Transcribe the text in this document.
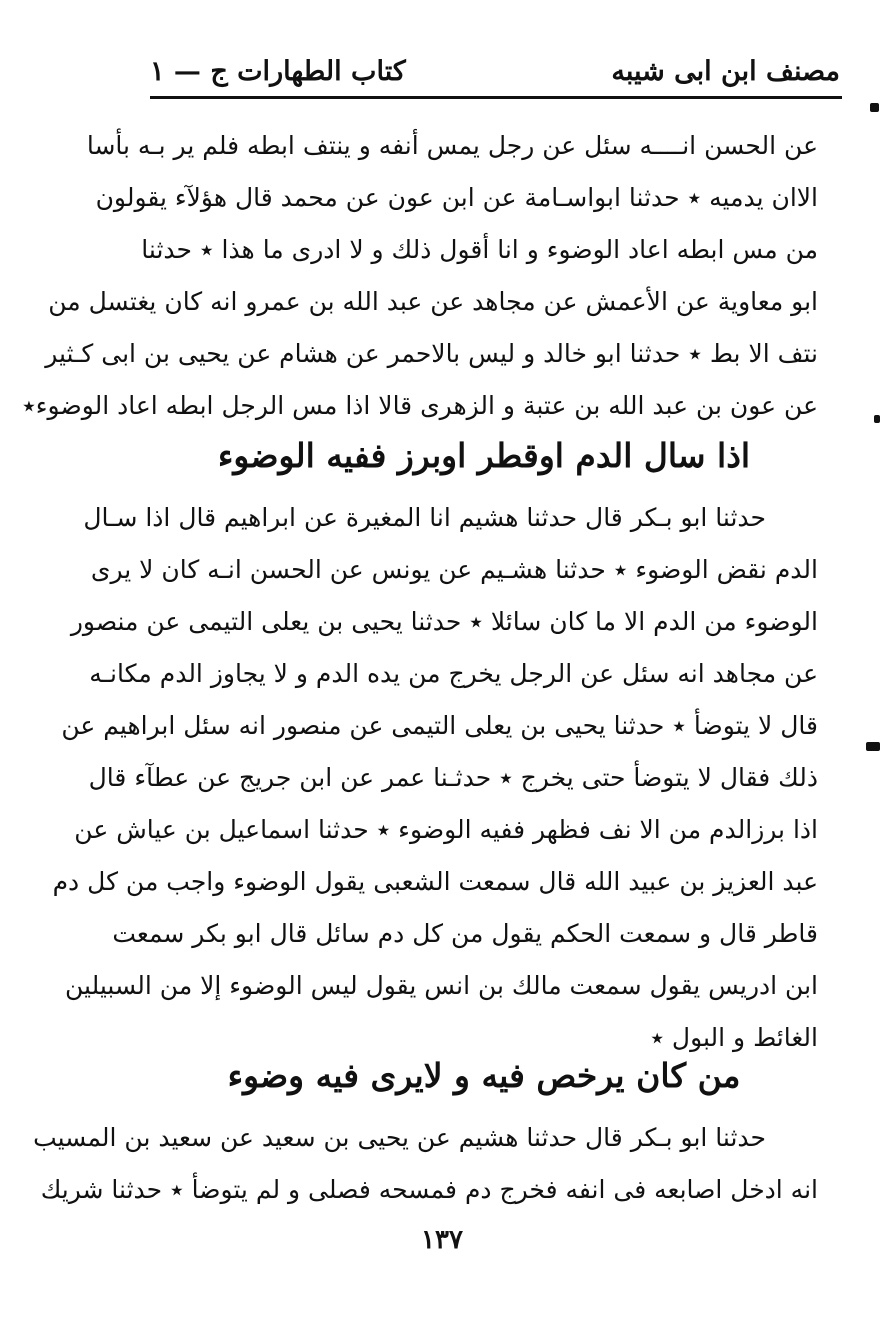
مصنف ابن ابى شيبه
كتاب الطهارات ج — ١
عن الحسن انــــه سئل عن رجل يمس أنفه و ينتف ابطه فلم ير بـه بأسا
الاان يدميه ٭ حدثنا ابواسـامة عن ابن عون عن محمد قال هؤلآء يقولون
من مس ابطه اعاد الوضوء و انا أقول ذلك و لا ادرى ما هذا ٭ حدثنا
ابو معاوية عن الأعمش عن مجاهد عن عبد الله بن عمرو انه كان يغتسل من
نتف الا بط ٭ حدثنا ابو خالد و ليس بالاحمر عن هشام عن يحيى بن ابى كـثير
عن عون بن عبد الله بن عتبة و الزهرى قالا اذا مس الرجل ابطه اعاد الوضوء٭
اذا سال الدم اوقطر اوبرز ففيه الوضوء
حدثنا ابو بـكر قال حدثنا هشيم انا المغيرة عن ابراهيم قال اذا سـال
الدم نقض الوضوء ٭ حدثنا هشـيم عن يونس عن الحسن انـه كان لا يرى
الوضوء من الدم الا ما كان سائلا ٭ حدثنا يحيى بن يعلى التيمى عن منصور
عن مجاهد انه سئل عن الرجل يخرج من يده الدم و لا يجاوز الدم مكانـه
قال لا يتوضأ ٭ حدثنا يحيى بن يعلى التيمى عن منصور انه سئل ابراهيم عن
ذلك فقال لا يتوضأ حتى يخرج ٭ حدثـنا عمر عن ابن جريج عن عطآء قال
اذا برزالدم من الا نف فظهر ففيه الوضوء ٭ حدثنا اسماعيل بن عياش عن
عبد العزيز بن عبيد الله قال سمعت الشعبى يقول الوضوء واجب من كل دم
قاطر قال و سمعت الحكم يقول من كل دم سائل قال ابو بكر سمعت
ابن ادريس يقول سمعت مالك بن انس يقول ليس الوضوء إلا من السبيلين
الغائط و البول ٭
من كان يرخص فيه و لايرى فيه وضوء
حدثنا ابو بـكر قال حدثنا هشيم عن يحيى بن سعيد عن سعيد بن المسيب
انه ادخل اصابعه فى انفه فخرج دم فمسحه فصلى و لم يتوضأ ٭ حدثنا شريك
١٣٧
